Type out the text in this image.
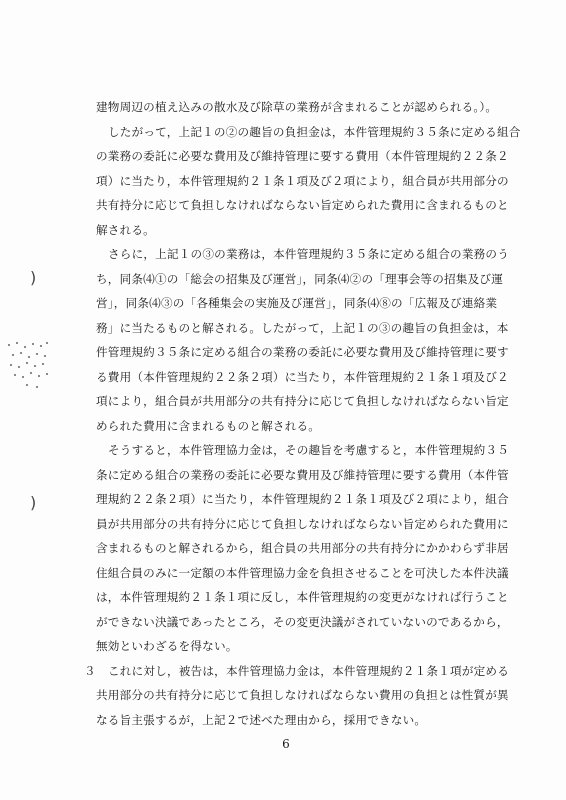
建物周辺の植え込みの散水及び除草の業務が含まれることが認められる。）。
したがって，上記１の②の趣旨の負担金は，本件管理規約３５条に定める組合
の業務の委託に必要な費用及び維持管理に要する費用（本件管理規約２２条２
項）に当たり，本件管理規約２１条１項及び２項により，組合員が共用部分の
共有持分に応じて負担しなければならない旨定められた費用に含まれるものと
解される。
さらに，上記１の③の業務は，本件管理規約３５条に定める組合の業務のう
ち，同条⑷①の「総会の招集及び運営」，同条⑷②の「理事会等の招集及び運
営」，同条⑷③の「各種集会の実施及び運営」，同条⑷⑧の「広報及び連絡業
務」に当たるものと解される。したがって，上記１の③の趣旨の負担金は，本
件管理規約３５条に定める組合の業務の委託に必要な費用及び維持管理に要す
る費用（本件管理規約２２条２項）に当たり，本件管理規約２１条１項及び２
項により，組合員が共用部分の共有持分に応じて負担しなければならない旨定
められた費用に含まれるものと解される。
そうすると，本件管理協力金は，その趣旨を考慮すると，本件管理規約３５
条に定める組合の業務の委託に必要な費用及び維持管理に要する費用（本件管
理規約２２条２項）に当たり，本件管理規約２１条１項及び２項により，組合
員が共用部分の共有持分に応じて負担しなければならない旨定められた費用に
含まれるものと解されるから，組合員の共用部分の共有持分にかかわらず非居
住組合員のみに一定額の本件管理協力金を負担させることを可決した本件決議
は，本件管理規約２１条１項に反し，本件管理規約の変更がなければ行うこと
ができない決議であったところ，その変更決議がされていないのであるから，
無効といわざるを得ない。
３ これに対し，被告は，本件管理協力金は，本件管理規約２１条１項が定める
共用部分の共有持分に応じて負担しなければならない費用の負担とは性質が異
なる旨主張するが，上記２で述べた理由から，採用できない。
6
)
)
